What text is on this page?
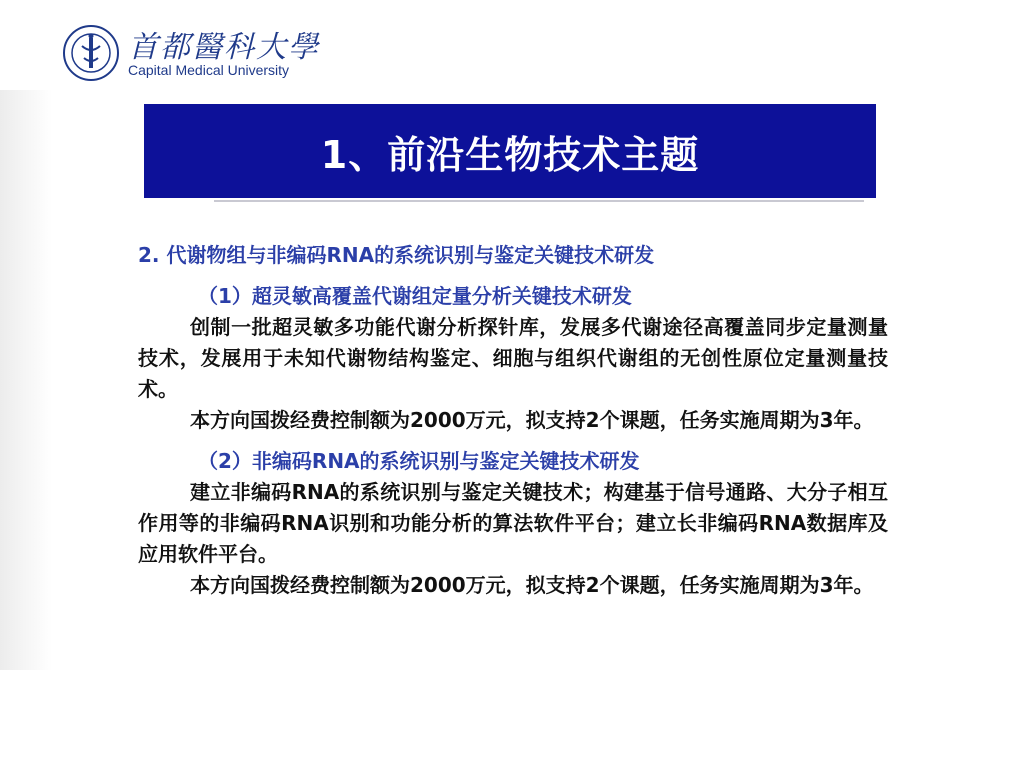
首都醫科大學
Capital Medical University
1、前沿生物技术主题

2. 代谢物组与非编码RNA的系统识别与鉴定关键技术研发

（1）超灵敏高覆盖代谢组定量分析关键技术研发

创制一批超灵敏多功能代谢分析探针库，发展多代谢途径高覆盖同步定量测量技术，发展用于未知代谢物结构鉴定、细胞与组织代谢组的无创性原位定量测量技术。

本方向国拨经费控制额为2000万元，拟支持2个课题，任务实施周期为3年。

（2）非编码RNA的系统识别与鉴定关键技术研发

建立非编码RNA的系统识别与鉴定关键技术；构建基于信号通路、大分子相互作用等的非编码RNA识别和功能分析的算法软件平台；建立长非编码RNA数据库及应用软件平台。

本方向国拨经费控制额为2000万元，拟支持2个课题，任务实施周期为3年。
